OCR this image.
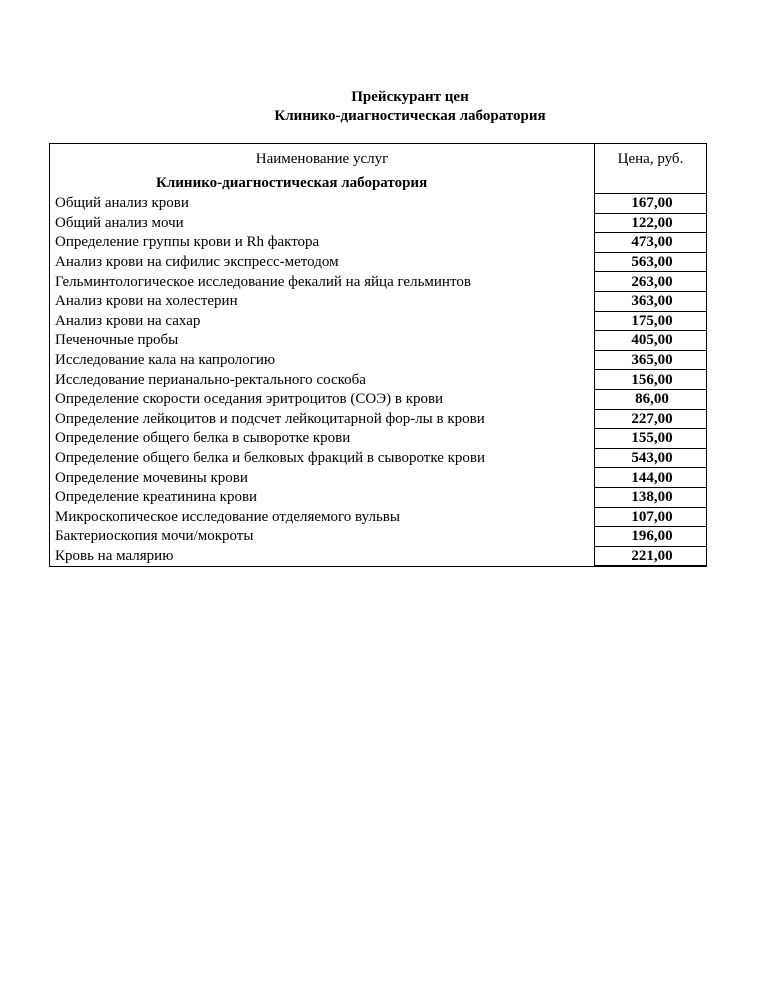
Прейскурант цен
Клинико-диагностическая лаборатория
Наименование услуг	Цена, руб.
Клинико-диагностическая лаборатория	
Общий анализ крови	167,00
Общий анализ мочи	122,00
Определение группы крови и Rh фактора	473,00
Анализ крови на сифилис экспресс-методом	563,00
Гельминтологическое исследование фекалий на яйца гельминтов	263,00
Анализ крови на холестерин	363,00
Анализ крови на сахар	175,00
Печеночные пробы	405,00
Исследование кала на капрологию	365,00
Исследование перианально-ректального соскоба	156,00
Определение скорости оседания эритроцитов (СОЭ) в крови	86,00
Определение лейкоцитов и подсчет лейкоцитарной фор-лы в крови	227,00
Определение общего белка в сыворотке крови	155,00
Определение общего белка и белковых фракций в сыворотке крови	543,00
Определение мочевины крови	144,00
Определение креатинина крови	138,00
Микроскопическое исследование отделяемого вульвы	107,00
Бактериоскопия мочи/мокроты	196,00
Кровь на малярию	221,00
